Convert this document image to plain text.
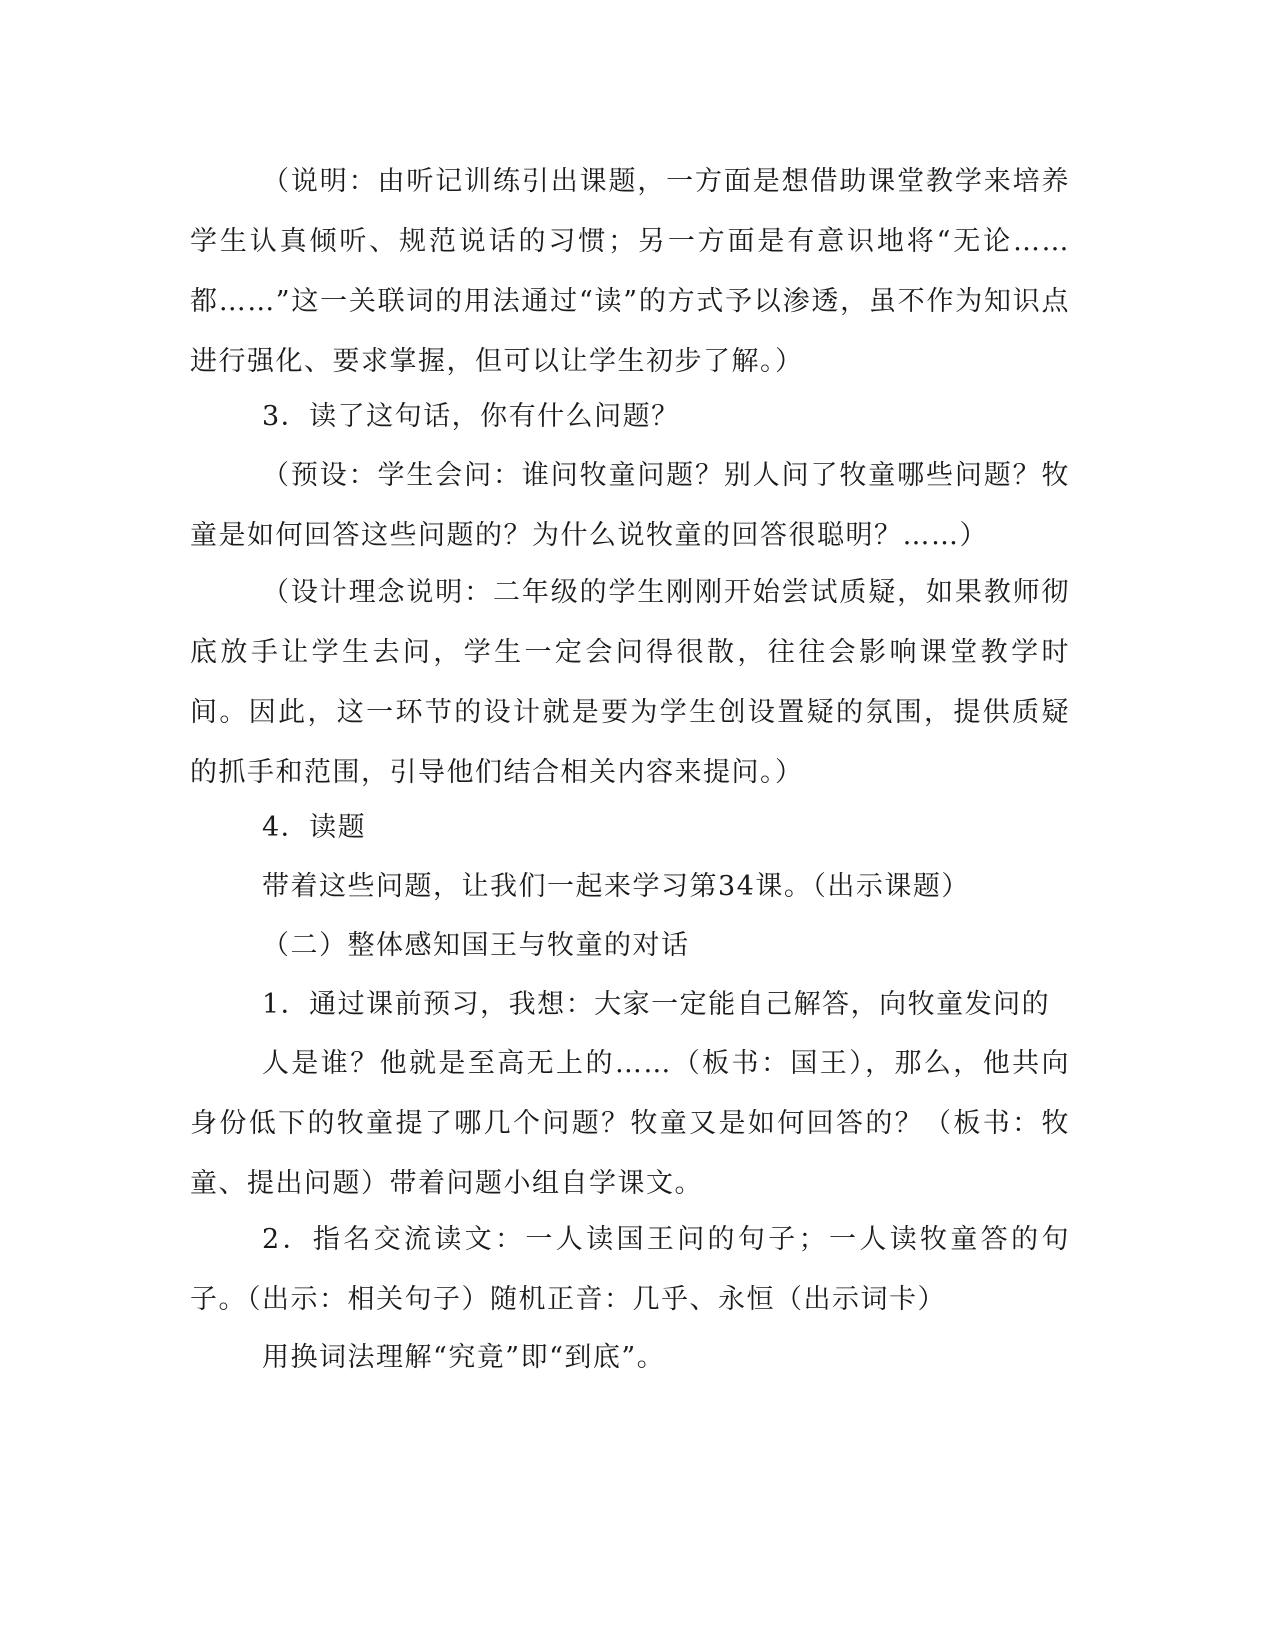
（说明：由听记训练引出课题，一方面是想借助课堂教学来培养学生认真倾听、规范说话的习惯；另一方面是有意识地将“无论……都……”这一关联词的用法通过“读”的方式予以渗透，虽不作为知识点进行强化、要求掌握，但可以让学生初步了解。）

3．读了这句话，你有什么问题？

（预设：学生会问：谁问牧童问题？别人问了牧童哪些问题？牧童是如何回答这些问题的？为什么说牧童的回答很聪明？……）

（设计理念说明：二年级的学生刚刚开始尝试质疑，如果教师彻底放手让学生去问，学生一定会问得很散，往往会影响课堂教学时间。因此，这一环节的设计就是要为学生创设置疑的氛围，提供质疑的抓手和范围，引导他们结合相关内容来提问。）

4．读题

带着这些问题，让我们一起来学习第34课。（出示课题）

（二）整体感知国王与牧童的对话

1．通过课前预习，我想：大家一定能自己解答，向牧童发问的

人是谁？他就是至高无上的……（板书：国王），那么，他共向身份低下的牧童提了哪几个问题？牧童又是如何回答的？（板书：牧童、提出问题）带着问题小组自学课文。

2．指名交流读文：一人读国王问的句子；一人读牧童答的句子。（出示：相关句子）随机正音：几乎、永恒（出示词卡）

用换词法理解“究竟”即“到底”。
